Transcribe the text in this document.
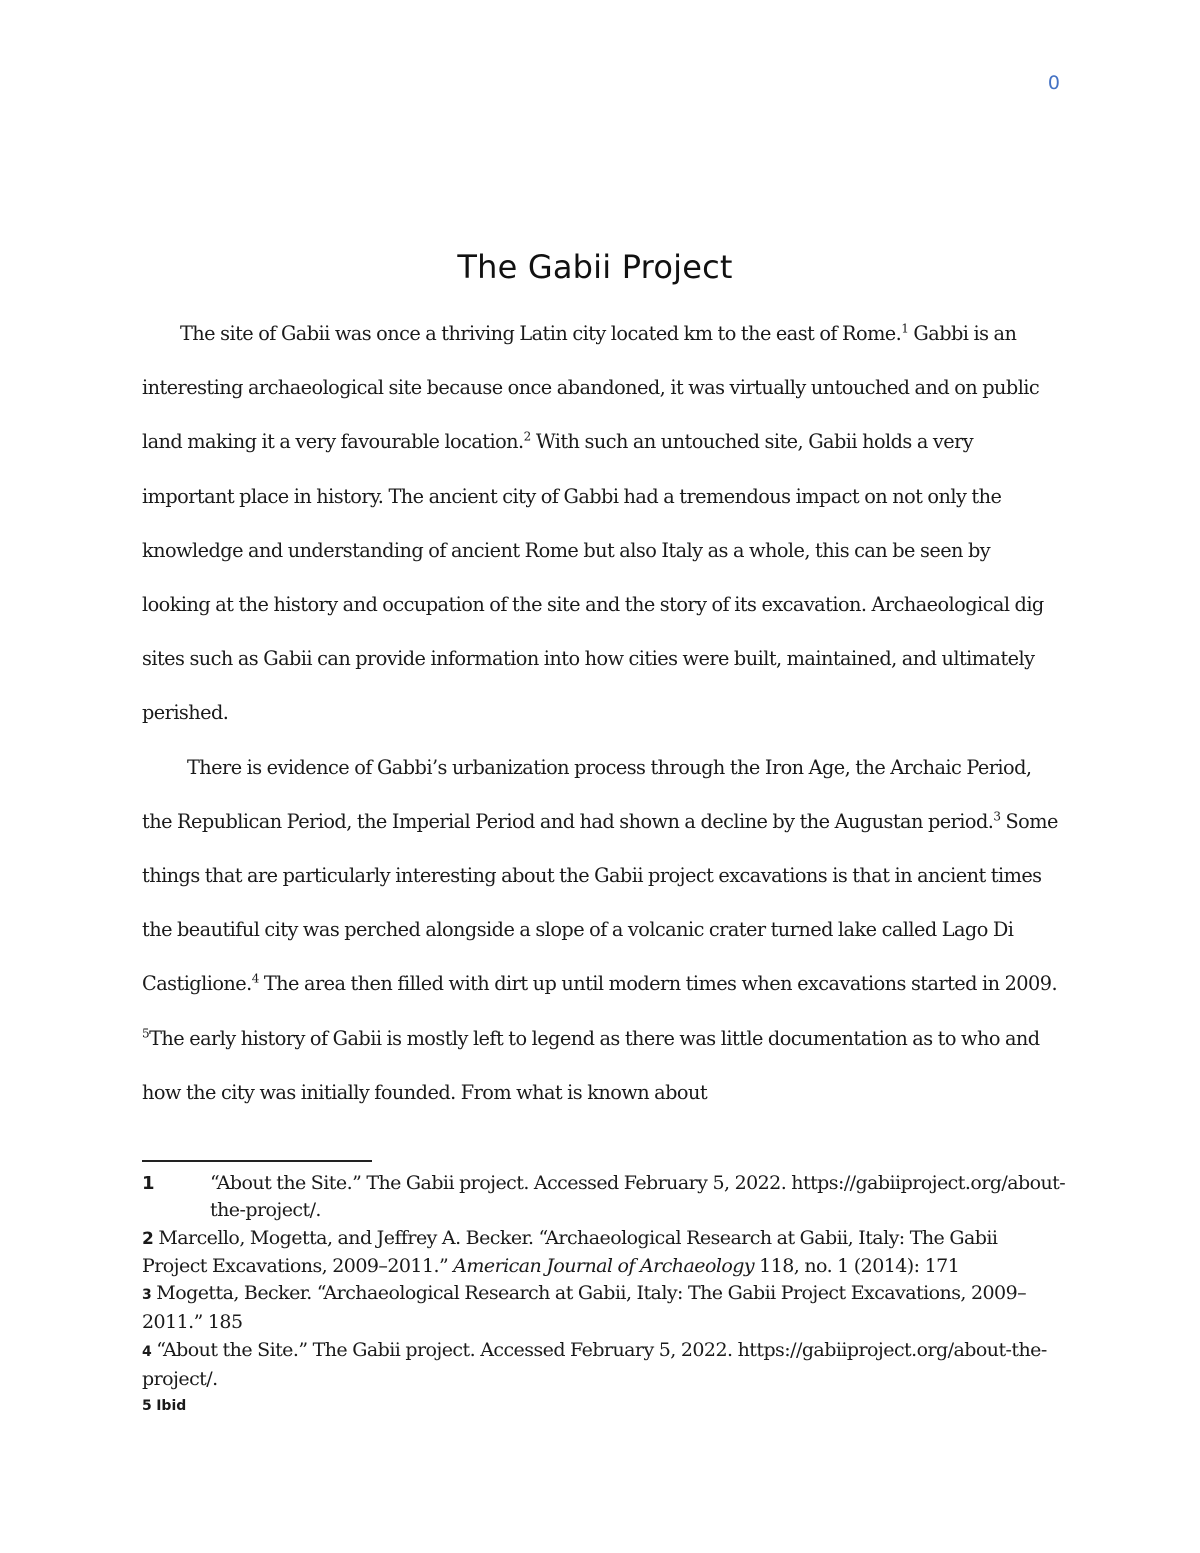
0
The Gabii Project

The site of Gabii was once a thriving Latin city located km to the east of Rome.$^1$ Gabbi is an interesting archaeological site because once abandoned, it was virtually untouched and on public land making it a very favourable location.$^2$ With such an untouched site, Gabii holds a very important place in history. The ancient city of Gabbi had a tremendous impact on not only the knowledge and understanding of ancient Rome but also Italy as a whole, this can be seen by looking at the history and occupation of the site and the story of its excavation. Archaeological dig sites such as Gabii can provide information into how cities were built, maintained, and ultimately perished.

There is evidence of Gabbi’s urbanization process through the Iron Age, the Archaic Period, the Republican Period, the Imperial Period and had shown a decline by the Augustan period.$^3$ Some things that are particularly interesting about the Gabii project excavations is that in ancient times the beautiful city was perched alongside a slope of a volcanic crater turned lake called Lago Di Castiglione.$^4$ The area then filled with dirt up until modern times when excavations started in 2009. $^5$The early history of Gabii is mostly left to legend as there was little documentation as to who and how the city was initially founded. From what is known about

1	“About the Site.” The Gabii project. Accessed February 5, 2022. https://gabiiproject.org/about-the-project/.
2 Marcello, Mogetta, and Jeffrey A. Becker. “Archaeological Research at Gabii, Italy: The Gabii Project Excavations, 2009–2011.” American Journal of Archaeology 118, no. 1 (2014): 171
3 Mogetta, Becker. “Archaeological Research at Gabii, Italy: The Gabii Project Excavations, 2009–2011.” 185
4 “About the Site.” The Gabii project. Accessed February 5, 2022. https://gabiiproject.org/about-the-project/.
5 Ibid
